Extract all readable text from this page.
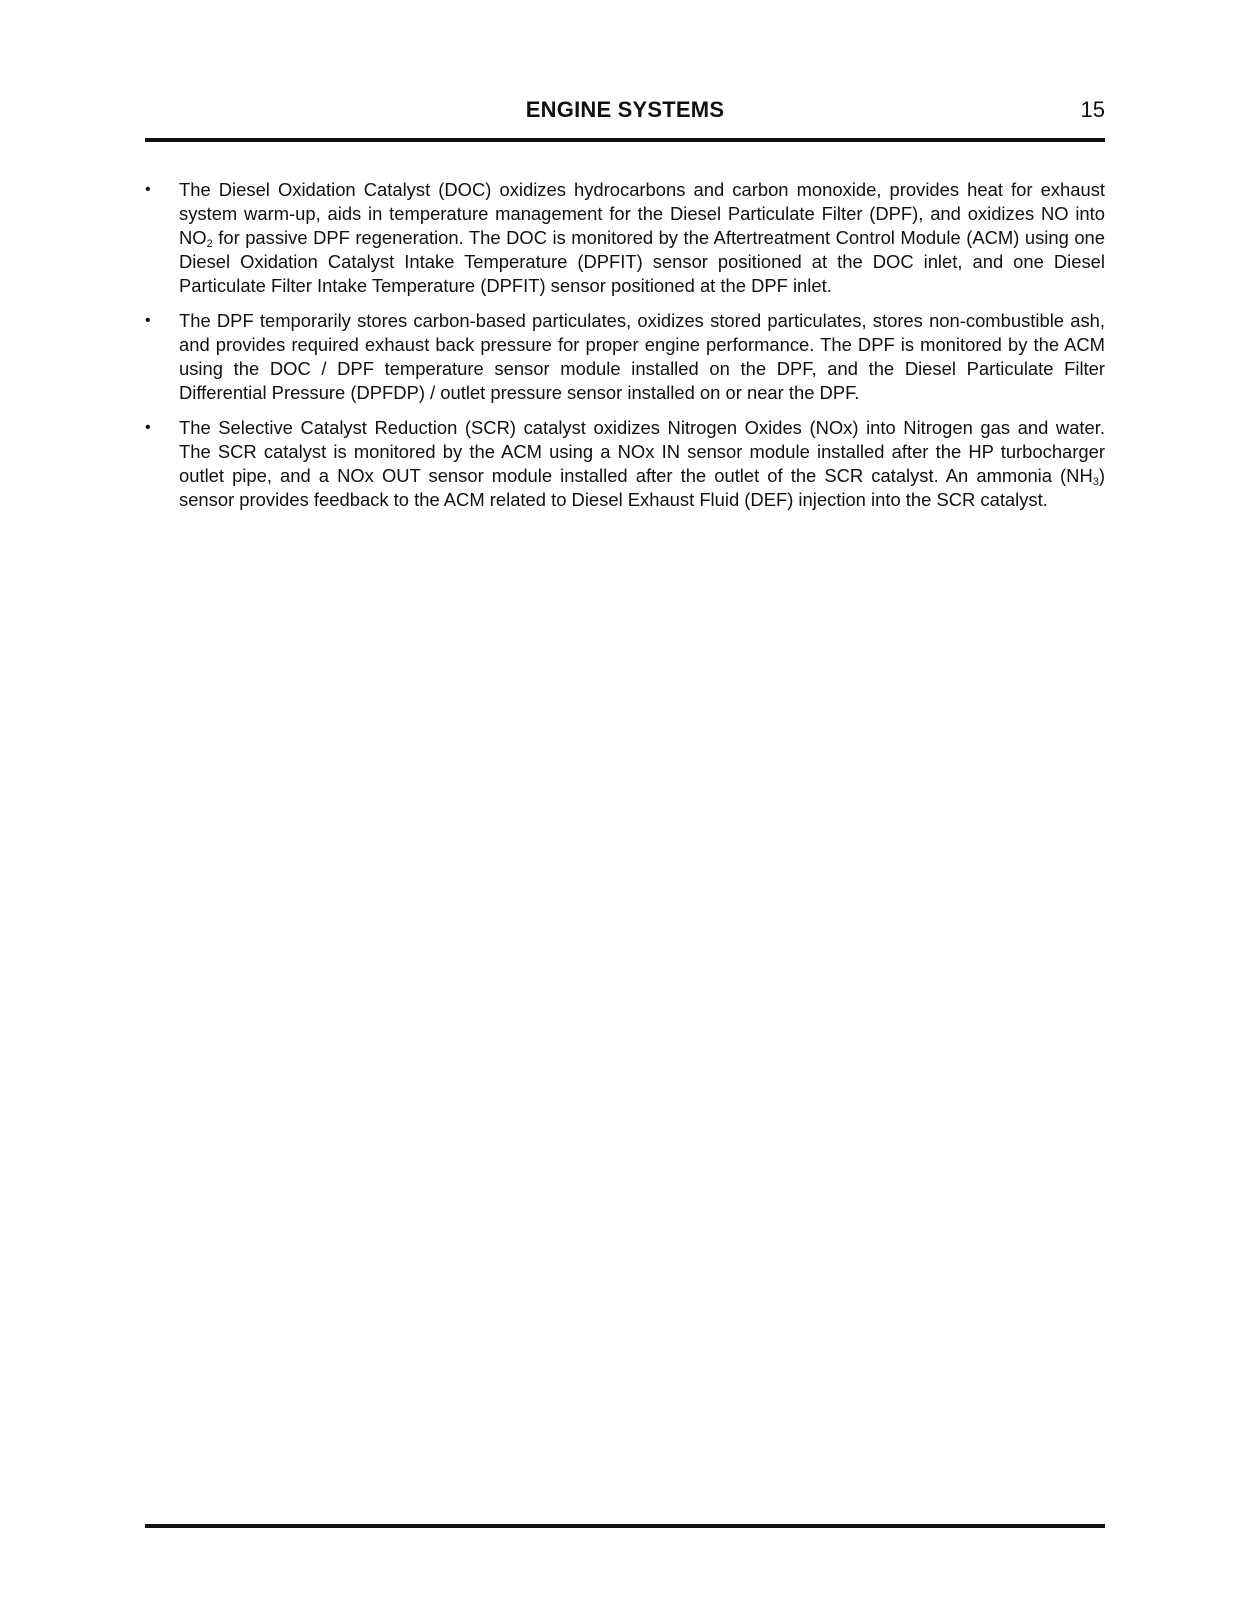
ENGINE SYSTEMS	15
• The Diesel Oxidation Catalyst (DOC) oxidizes hydrocarbons and carbon monoxide, provides heat for exhaust system warm-up, aids in temperature management for the Diesel Particulate Filter (DPF), and oxidizes NO into $NO_2$ for passive DPF regeneration. The DOC is monitored by the Aftertreatment Control Module (ACM) using one Diesel Oxidation Catalyst Intake Temperature (DPFIT) sensor positioned at the DOC inlet, and one Diesel Particulate Filter Intake Temperature (DPFIT) sensor positioned at the DPF inlet.
• The DPF temporarily stores carbon-based particulates, oxidizes stored particulates, stores non-combustible ash, and provides required exhaust back pressure for proper engine performance. The DPF is monitored by the ACM using the DOC / DPF temperature sensor module installed on the DPF, and the Diesel Particulate Filter Differential Pressure (DPFDP) / outlet pressure sensor installed on or near the DPF.
• The Selective Catalyst Reduction (SCR) catalyst oxidizes Nitrogen Oxides (NOx) into Nitrogen gas and water. The SCR catalyst is monitored by the ACM using a NOx IN sensor module installed after the HP turbocharger outlet pipe, and a NOx OUT sensor module installed after the outlet of the SCR catalyst. An ammonia $(NH_3)$ sensor provides feedback to the ACM related to Diesel Exhaust Fluid (DEF) injection into the SCR catalyst.
